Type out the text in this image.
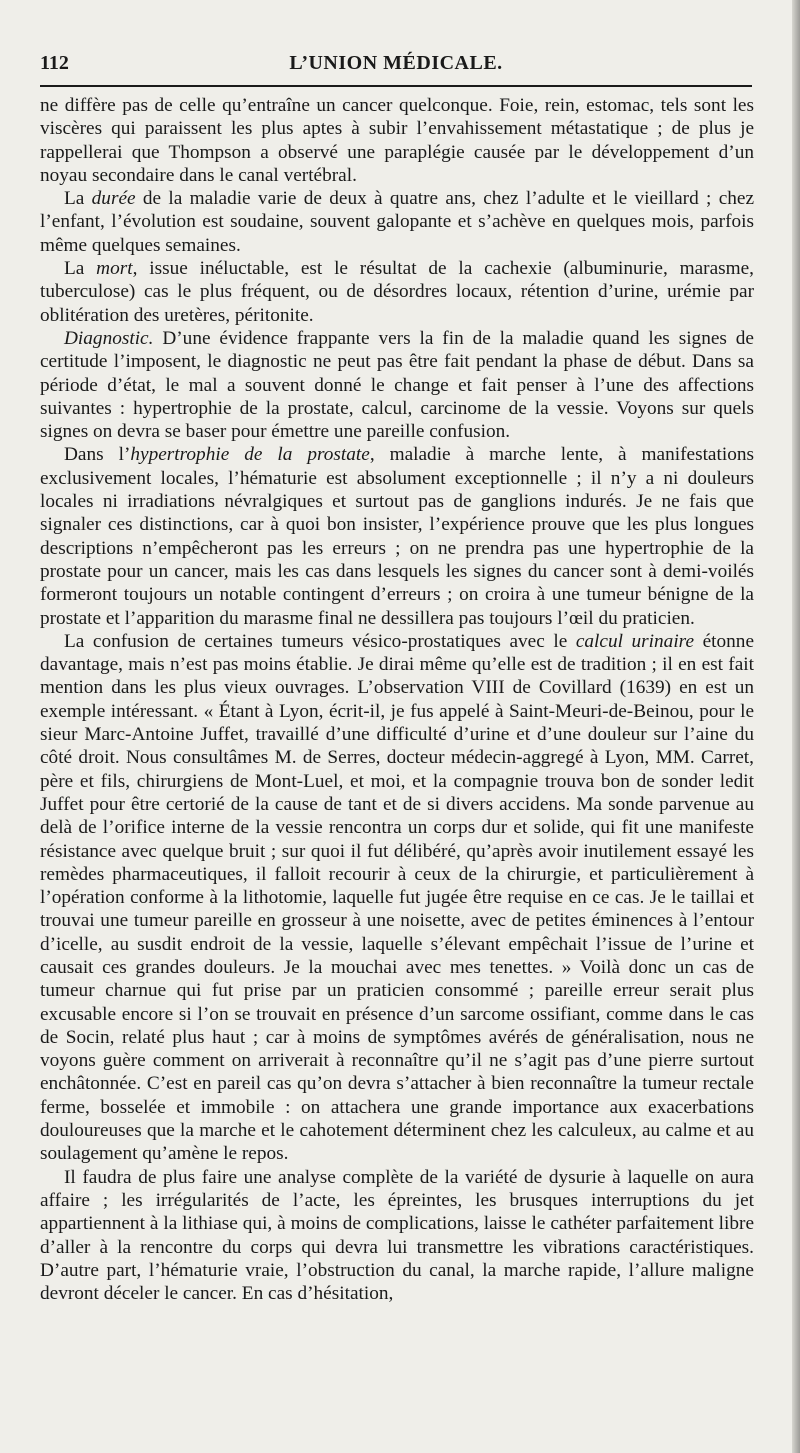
112	L’UNION MÉDICALE.

ne diffère pas de celle qu’entraîne un cancer quelconque. Foie, rein, estomac, tels sont les viscères qui paraissent les plus aptes à subir l’envahissement métastatique ; de plus je rappellerai que Thompson a observé une paraplégie causée par le développement d’un noyau secondaire dans le canal vertébral.

La durée de la maladie varie de deux à quatre ans, chez l’adulte et le vieillard ; chez l’enfant, l’évolution est soudaine, souvent galopante et s’achève en quelques mois, parfois même quelques semaines.

La mort, issue inéluctable, est le résultat de la cachexie (albuminurie, marasme, tuberculose) cas le plus fréquent, ou de désordres locaux, rétention d’urine, urémie par oblitération des uretères, péritonite.

Diagnostic. D’une évidence frappante vers la fin de la maladie quand les signes de certitude l’imposent, le diagnostic ne peut pas être fait pendant la phase de début. Dans sa période d’état, le mal a souvent donné le change et fait penser à l’une des affections suivantes : hypertrophie de la prostate, calcul, carcinome de la vessie. Voyons sur quels signes on devra se baser pour émettre une pareille confusion.

Dans l’hypertrophie de la prostate, maladie à marche lente, à manifestations exclusivement locales, l’hématurie est absolument exceptionnelle ; il n’y a ni douleurs locales ni irradiations névralgiques et surtout pas de ganglions indurés. Je ne fais que signaler ces distinctions, car à quoi bon insister, l’expérience prouve que les plus longues descriptions n’empêcheront pas les erreurs ; on ne prendra pas une hypertrophie de la prostate pour un cancer, mais les cas dans lesquels les signes du cancer sont à demi-voilés formeront toujours un notable contingent d’erreurs ; on croira à une tumeur bénigne de la prostate et l’apparition du marasme final ne dessillera pas toujours l’œil du praticien.

La confusion de certaines tumeurs vésico-prostatiques avec le calcul urinaire étonne davantage, mais n’est pas moins établie. Je dirai même qu’elle est de tradition ; il en est fait mention dans les plus vieux ouvrages. L’observation VIII de Covillard (1639) en est un exemple intéressant. « Étant à Lyon, écrit-il, je fus appelé à Saint-Meuri-de-Beinou, pour le sieur Marc-Antoine Juffet, travaillé d’une difficulté d’urine et d’une douleur sur l’aine du côté droit. Nous consultâmes M. de Serres, docteur médecin-aggregé à Lyon, MM. Carret, père et fils, chirurgiens de Mont-Luel, et moi, et la compagnie trouva bon de sonder ledit Juffet pour être certorié de la cause de tant et de si divers accidens. Ma sonde parvenue au delà de l’orifice interne de la vessie rencontra un corps dur et solide, qui fit une manifeste résistance avec quelque bruit ; sur quoi il fut délibéré, qu’après avoir inutilement essayé les remèdes pharmaceutiques, il falloit recourir à ceux de la chirurgie, et particulièrement à l’opération conforme à la lithotomie, laquelle fut jugée être requise en ce cas. Je le taillai et trouvai une tumeur pareille en grosseur à une noisette, avec de petites éminences à l’entour d’icelle, au susdit endroit de la vessie, laquelle s’élevant empêchait l’issue de l’urine et causait ces grandes douleurs. Je la mouchai avec mes tenettes. » Voilà donc un cas de tumeur charnue qui fut prise par un praticien consommé ; pareille erreur serait plus excusable encore si l’on se trouvait en présence d’un sarcome ossifiant, comme dans le cas de Socin, relaté plus haut ; car à moins de symptômes avérés de généralisation, nous ne voyons guère comment on arriverait à reconnaître qu’il ne s’agit pas d’une pierre surtout enchâtonnée. C’est en pareil cas qu’on devra s’attacher à bien reconnaître la tumeur rectale ferme, bosselée et immobile : on attachera une grande importance aux exacerbations douloureuses que la marche et le cahotement déterminent chez les calculeux, au calme et au soulagement qu’amène le repos.

Il faudra de plus faire une analyse complète de la variété de dysurie à laquelle on aura affaire ; les irrégularités de l’acte, les épreintes, les brusques interruptions du jet appartiennent à la lithiase qui, à moins de complications, laisse le cathéter parfaitement libre d’aller à la rencontre du corps qui devra lui transmettre les vibrations caractéristiques. D’autre part, l’hématurie vraie, l’obstruction du canal, la marche rapide, l’allure maligne devront déceler le cancer. En cas d’hésitation,
